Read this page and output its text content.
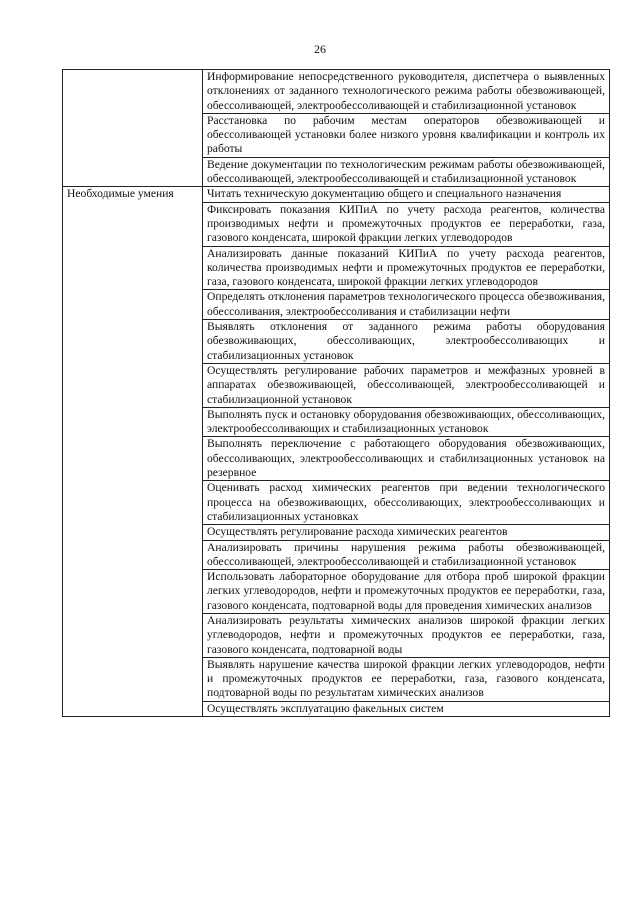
26
	Информирование непосредственного руководителя, диспетчера о выявленных отклонениях от заданного технологического режима работы обезвоживающей, обессоливающей, электрообессоливающей и стабилизационной установок
	Расстановка по рабочим местам операторов обезвоживающей и обессоливающей установки более низкого уровня квалификации и контроль их работы
	Ведение документации по технологическим режимам работы обезвоживающей, обессоливающей, электрообессоливающей и стабилизационной установок

Необходимые умения	Читать техническую документацию общего и специального назначения
	Фиксировать показания КИПиА по учету расхода реагентов, количества производимых нефти и промежуточных продуктов ее переработки, газа, газового конденсата, широкой фракции легких углеводородов
	Анализировать данные показаний КИПиА по учету расхода реагентов, количества производимых нефти и промежуточных продуктов ее переработки, газа, газового конденсата, широкой фракции легких углеводородов
	Определять отклонения параметров технологического процесса обезвоживания, обессоливания, электрообессоливания и стабилизации нефти
	Выявлять отклонения от заданного режима работы оборудования обезвоживающих, обессоливающих, электрообессоливающих и стабилизационных установок
	Осуществлять регулирование рабочих параметров и межфазных уровней в аппаратах обезвоживающей, обессоливающей, электрообессоливающей и стабилизационной установок
	Выполнять пуск и остановку оборудования обезвоживающих, обессоливающих, электрообессоливающих и стабилизационных установок
	Выполнять переключение с работающего оборудования обезвоживающих, обессоливающих, электрообессоливающих и стабилизационных установок на резервное
	Оценивать расход химических реагентов при ведении технологического процесса на обезвоживающих, обессоливающих, электрообессоливающих и стабилизационных установках
	Осуществлять регулирование расхода химических реагентов
	Анализировать причины нарушения режима работы обезвоживающей, обессоливающей, электрообессоливающей и стабилизационной установок
	Использовать лабораторное оборудование для отбора проб широкой фракции легких углеводородов, нефти и промежуточных продуктов ее переработки, газа, газового конденсата, подтоварной воды для проведения химических анализов
	Анализировать результаты химических анализов широкой фракции легких углеводородов, нефти и промежуточных продуктов ее переработки, газа, газового конденсата, подтоварной воды
	Выявлять нарушение качества широкой фракции легких углеводородов, нефти и промежуточных продуктов ее переработки, газа, газового конденсата, подтоварной воды по результатам химических анализов
	Осуществлять эксплуатацию факельных систем
